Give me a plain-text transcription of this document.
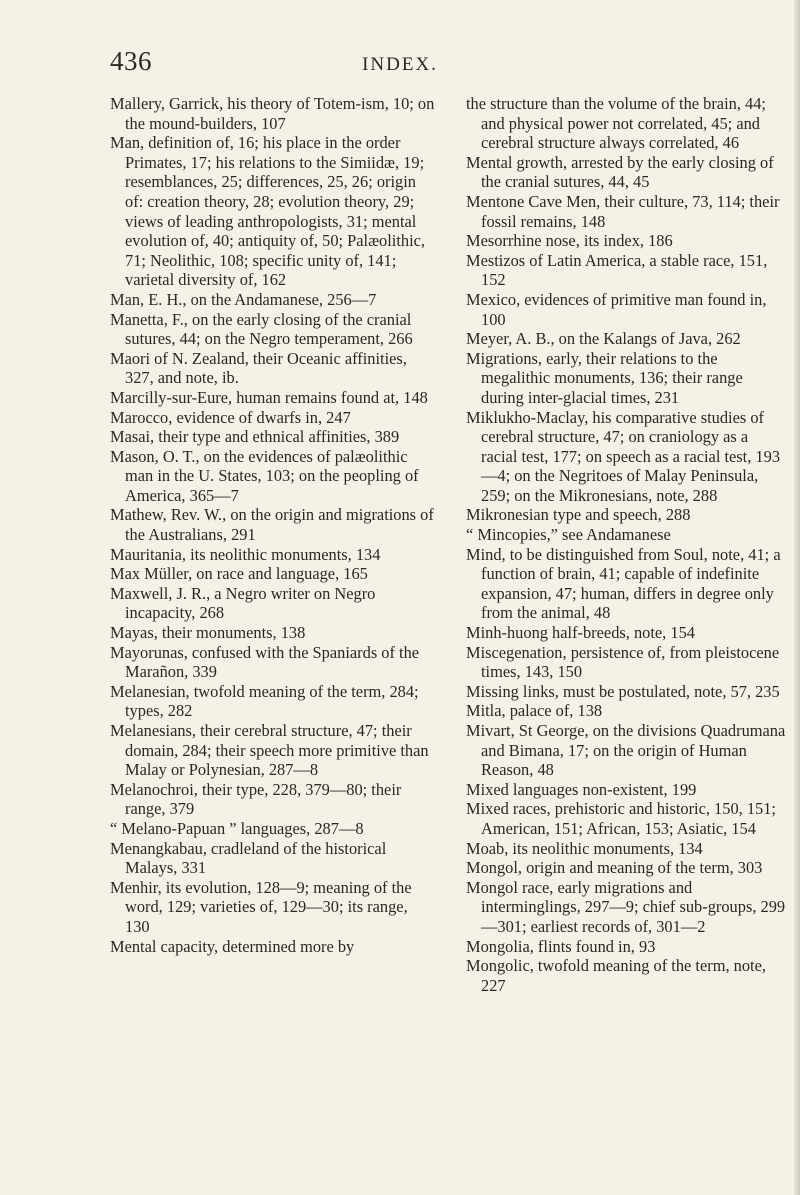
436	INDEX.

Mallery, Garrick, his theory of Totem-ism, 10; on the mound-builders, 107

Man, definition of, 16; his place in the order Primates, 17; his relations to the Simiidæ, 19; resemblances, 25; differences, 25, 26; origin of: creation theory, 28; evolution theory, 29; views of leading anthropologists, 31; mental evolution of, 40; antiquity of, 50; Palæolithic, 71; Neolithic, 108; specific unity of, 141; varietal diversity of, 162

Man, E. H., on the Andamanese, 256—7

Manetta, F., on the early closing of the cranial sutures, 44; on the Negro temperament, 266

Maori of N. Zealand, their Oceanic affinities, 327, and note, ib.

Marcilly-sur-Eure, human remains found at, 148

Marocco, evidence of dwarfs in, 247

Masai, their type and ethnical affinities, 389

Mason, O. T., on the evidences of palæolithic man in the U. States, 103; on the peopling of America, 365—7

Mathew, Rev. W., on the origin and migrations of the Australians, 291

Mauritania, its neolithic monuments, 134

Max Müller, on race and language, 165

Maxwell, J. R., a Negro writer on Negro incapacity, 268

Mayas, their monuments, 138

Mayorunas, confused with the Spaniards of the Marañon, 339

Melanesian, twofold meaning of the term, 284; types, 282

Melanesians, their cerebral structure, 47; their domain, 284; their speech more primitive than Malay or Polynesian, 287—8

Melanochroi, their type, 228, 379—80; their range, 379

“ Melano-Papuan ” languages, 287—8

Menangkabau, cradleland of the historical Malays, 331

Menhir, its evolution, 128—9; meaning of the word, 129; varieties of, 129—30; its range, 130

Mental capacity, determined more by

the structure than the volume of the brain, 44; and physical power not correlated, 45; and cerebral structure always correlated, 46

Mental growth, arrested by the early closing of the cranial sutures, 44, 45

Mentone Cave Men, their culture, 73, 114; their fossil remains, 148

Mesorrhine nose, its index, 186

Mestizos of Latin America, a stable race, 151, 152

Mexico, evidences of primitive man found in, 100

Meyer, A. B., on the Kalangs of Java, 262

Migrations, early, their relations to the megalithic monuments, 136; their range during inter-glacial times, 231

Miklukho-Maclay, his comparative studies of cerebral structure, 47; on craniology as a racial test, 177; on speech as a racial test, 193—4; on the Negritoes of Malay Peninsula, 259; on the Mikronesians, note, 288

Mikronesian type and speech, 288

“ Mincopies,” see Andamanese

Mind, to be distinguished from Soul, note, 41; a function of brain, 41; capable of indefinite expansion, 47; human, differs in degree only from the animal, 48

Minh-huong half-breeds, note, 154

Miscegenation, persistence of, from pleistocene times, 143, 150

Missing links, must be postulated, note, 57, 235

Mitla, palace of, 138

Mivart, St George, on the divisions Quadrumana and Bimana, 17; on the origin of Human Reason, 48

Mixed languages non-existent, 199

Mixed races, prehistoric and historic, 150, 151; American, 151; African, 153; Asiatic, 154

Moab, its neolithic monuments, 134

Mongol, origin and meaning of the term, 303

Mongol race, early migrations and interminglings, 297—9; chief sub-groups, 299—301; earliest records of, 301—2

Mongolia, flints found in, 93

Mongolic, twofold meaning of the term, note, 227
